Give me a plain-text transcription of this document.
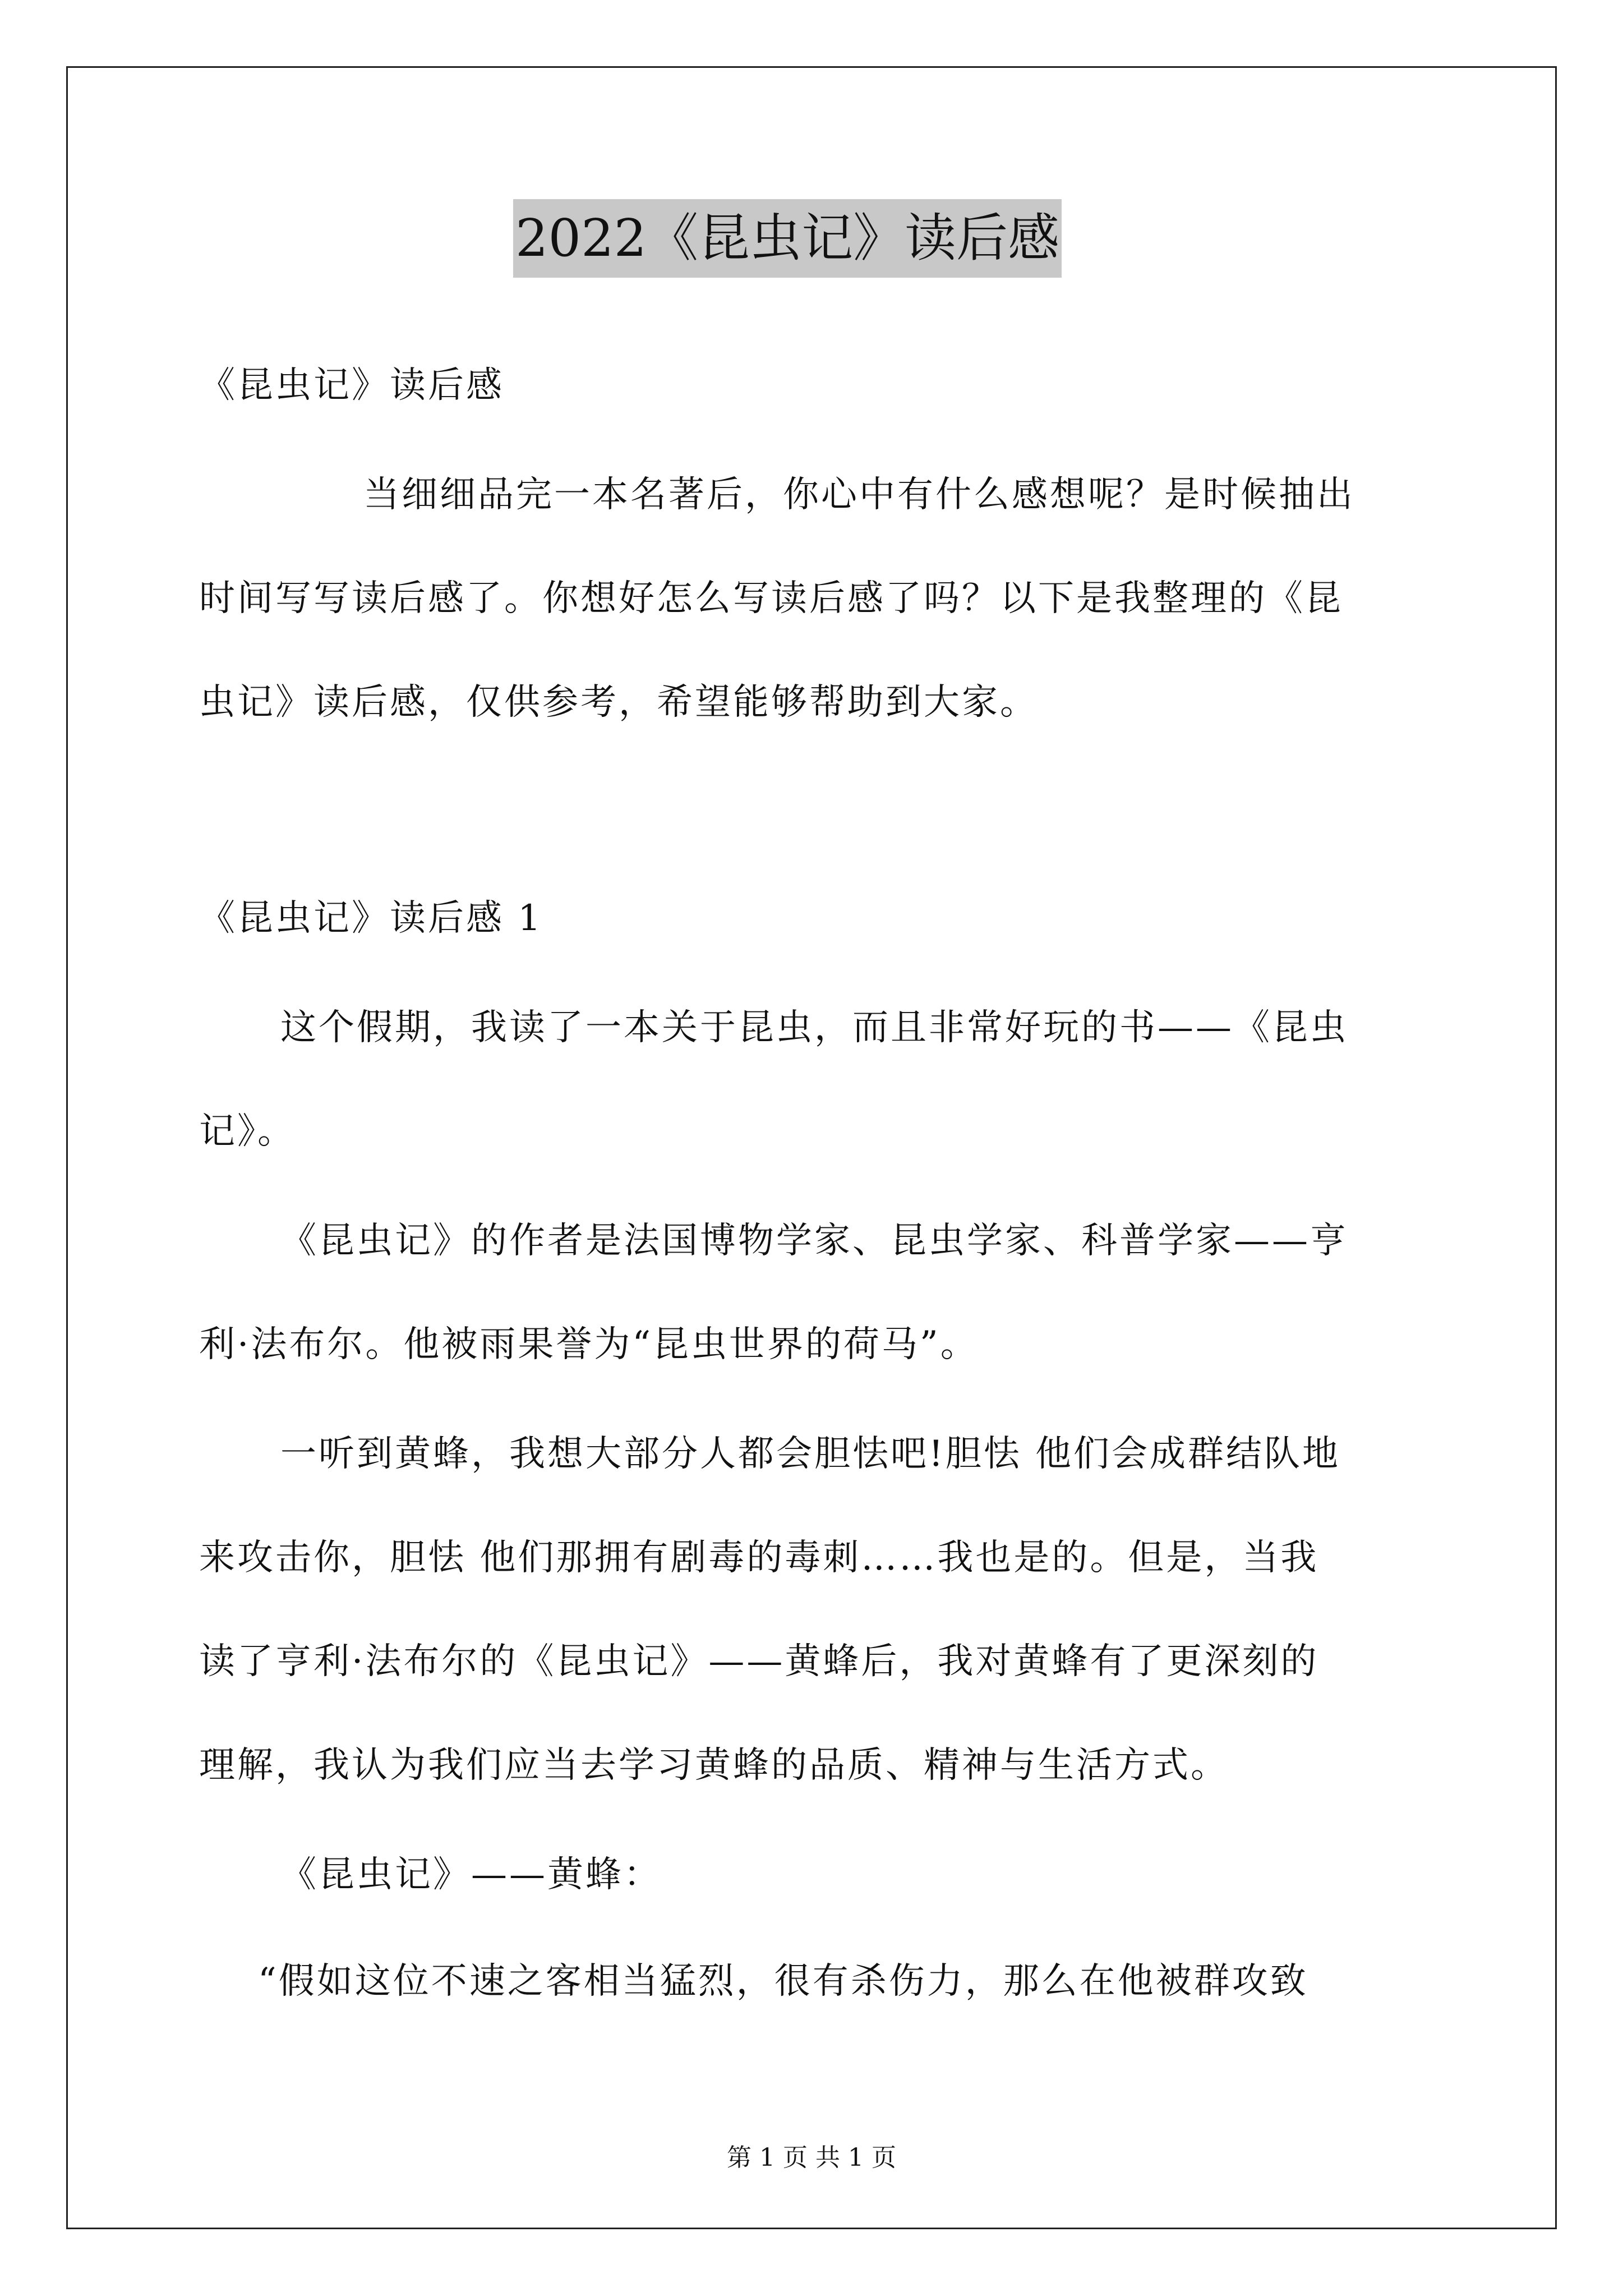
2022《昆虫记》读后感
《昆虫记》读后感
当细细品完一本名著后，你心中有什么感想呢？是时候抽出
时间写写读后感了。你想好怎么写读后感了吗？以下是我整理的《昆
虫记》读后感，仅供参考，希望能够帮助到大家。
《昆虫记》读后感 1
这个假期，我读了一本关于昆虫，而且非常好玩的书——《昆虫
记》。
《昆虫记》的作者是法国博物学家、昆虫学家、科普学家——亨
利·法布尔。他被雨果誉为“昆虫世界的荷马”。
一听到黄蜂，我想大部分人都会胆怯吧!胆怯 他们会成群结队地
来攻击你，胆怯 他们那拥有剧毒的毒刺……我也是的。但是，当我
读了亨利·法布尔的《昆虫记》——黄蜂后，我对黄蜂有了更深刻的
理解，我认为我们应当去学习黄蜂的品质、精神与生活方式。
《昆虫记》——黄蜂：
“假如这位不速之客相当猛烈，很有杀伤力，那么在他被群攻致
第 1 页 共 1 页
